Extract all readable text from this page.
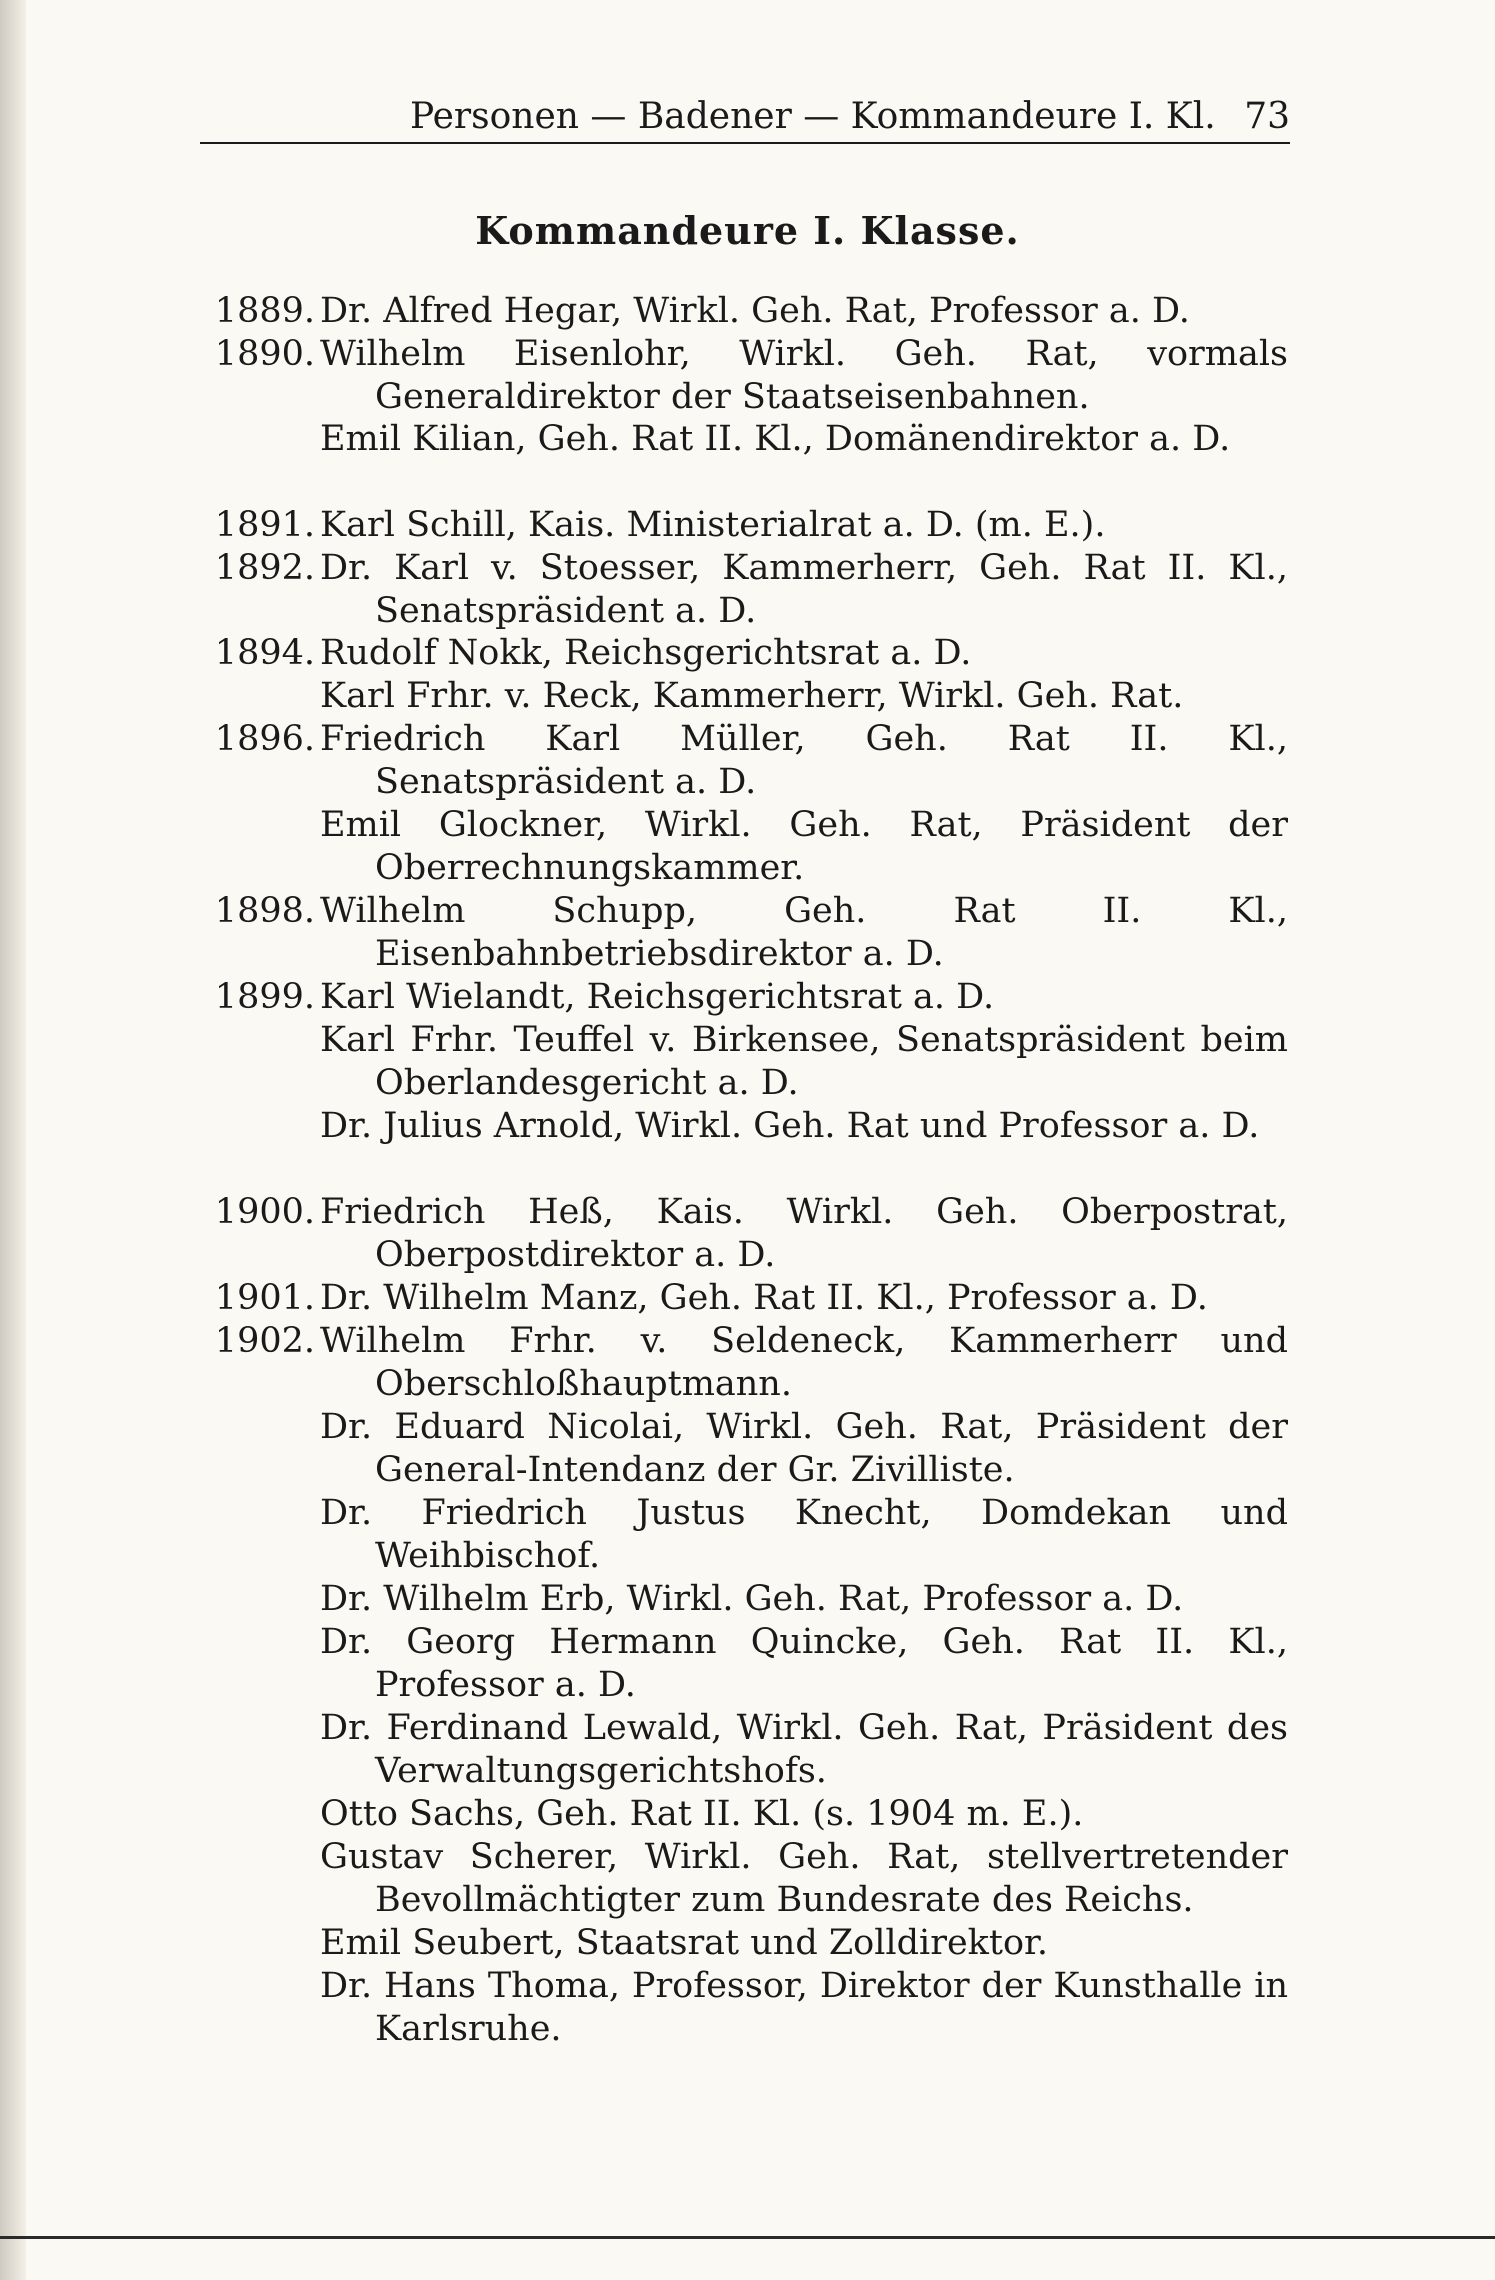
Personen — Badener — Kommandeure I. Kl. 73
Kommandeure I. Klasse.
1889. Dr. Alfred Hegar, Wirkl. Geh. Rat, Professor a. D.
1890. Wilhelm Eisenlohr, Wirkl. Geh. Rat, vormals Generaldirektor der Staatseisenbahnen.
Emil Kilian, Geh. Rat II. Kl., Domänendirektor a. D.
1891. Karl Schill, Kais. Ministerialrat a. D. (m. E.).
1892. Dr. Karl v. Stoesser, Kammerherr, Geh. Rat II. Kl., Senatspräsident a. D.
1894. Rudolf Nokk, Reichsgerichtsrat a. D.
Karl Frhr. v. Reck, Kammerherr, Wirkl. Geh. Rat.
1896. Friedrich Karl Müller, Geh. Rat II. Kl., Senatspräsident a. D.
Emil Glockner, Wirkl. Geh. Rat, Präsident der Oberrechnungskammer.
1898. Wilhelm Schupp, Geh. Rat II. Kl., Eisenbahnbetriebsdirektor a. D.
1899. Karl Wielandt, Reichsgerichtsrat a. D.
Karl Frhr. Teuffel v. Birkensee, Senatspräsident beim Oberlandesgericht a. D.
Dr. Julius Arnold, Wirkl. Geh. Rat und Professor a. D.
1900. Friedrich Heß, Kais. Wirkl. Geh. Oberpostrat, Oberpostdirektor a. D.
1901. Dr. Wilhelm Manz, Geh. Rat II. Kl., Professor a. D.
1902. Wilhelm Frhr. v. Seldeneck, Kammerherr und Oberschloßhauptmann.
Dr. Eduard Nicolai, Wirkl. Geh. Rat, Präsident der General-Intendanz der Gr. Zivilliste.
Dr. Friedrich Justus Knecht, Domdekan und Weihbischof.
Dr. Wilhelm Erb, Wirkl. Geh. Rat, Professor a. D.
Dr. Georg Hermann Quincke, Geh. Rat II. Kl., Professor a. D.
Dr. Ferdinand Lewald, Wirkl. Geh. Rat, Präsident des Verwaltungsgerichtshofs.
Otto Sachs, Geh. Rat II. Kl. (s. 1904 m. E.).
Gustav Scherer, Wirkl. Geh. Rat, stellvertretender Bevollmächtigter zum Bundesrate des Reichs.
Emil Seubert, Staatsrat und Zolldirektor.
Dr. Hans Thoma, Professor, Direktor der Kunsthalle in Karlsruhe.
